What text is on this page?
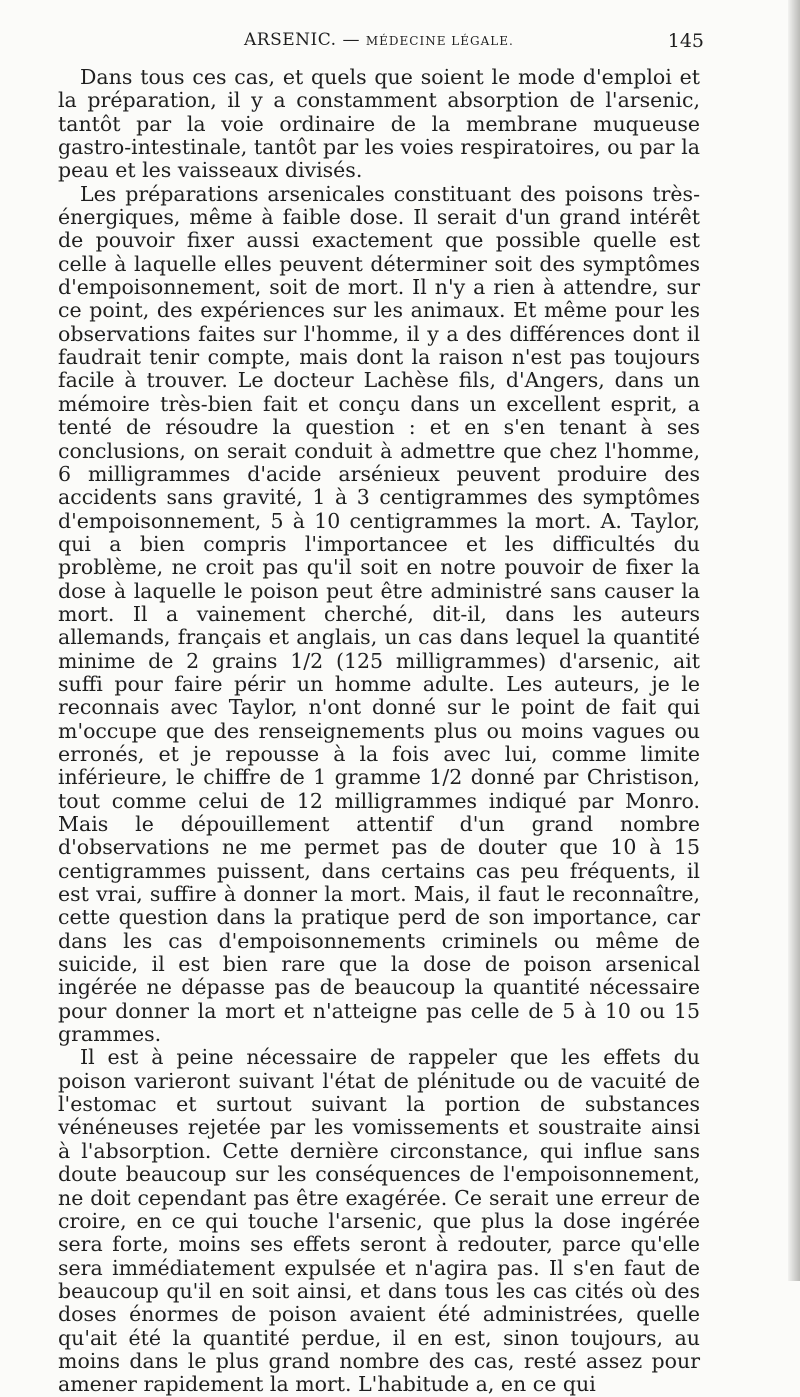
ARSENIC. — MÉDECINE LÉGALE.	145

Dans tous ces cas, et quels que soient le mode d'emploi et la préparation, il y a constamment absorption de l'arsenic, tantôt par la voie ordinaire de la membrane muqueuse gastro-intestinale, tantôt par les voies respiratoires, ou par la peau et les vaisseaux divisés.

Les préparations arsenicales constituant des poisons très-énergiques, même à faible dose. Il serait d'un grand intérêt de pouvoir fixer aussi exactement que possible quelle est celle à laquelle elles peuvent déterminer soit des symptômes d'empoisonnement, soit de mort. Il n'y a rien à attendre, sur ce point, des expériences sur les animaux. Et même pour les observations faites sur l'homme, il y a des différences dont il faudrait tenir compte, mais dont la raison n'est pas toujours facile à trouver. Le docteur Lachèse fils, d'Angers, dans un mémoire très-bien fait et conçu dans un excellent esprit, a tenté de résoudre la question : et en s'en tenant à ses conclusions, on serait conduit à admettre que chez l'homme, 6 milligrammes d'acide arsénieux peuvent produire des accidents sans gravité, 1 à 3 centigrammes des symptômes d'empoisonnement, 5 à 10 centigrammes la mort. A. Taylor, qui a bien compris l'importancee et les difficultés du problème, ne croit pas qu'il soit en notre pouvoir de fixer la dose à laquelle le poison peut être administré sans causer la mort. Il a vainement cherché, dit-il, dans les auteurs allemands, français et anglais, un cas dans lequel la quantité minime de 2 grains 1/2 (125 milligrammes) d'arsenic, ait suffi pour faire périr un homme adulte. Les auteurs, je le reconnais avec Taylor, n'ont donné sur le point de fait qui m'occupe que des renseignements plus ou moins vagues ou erronés, et je repousse à la fois avec lui, comme limite inférieure, le chiffre de 1 gramme 1/2 donné par Christison, tout comme celui de 12 milligrammes indiqué par Monro. Mais le dépouillement attentif d'un grand nombre d'observations ne me permet pas de douter que 10 à 15 centigrammes puissent, dans certains cas peu fréquents, il est vrai, suffire à donner la mort. Mais, il faut le reconnaître, cette question dans la pratique perd de son importance, car dans les cas d'empoisonnements criminels ou même de suicide, il est bien rare que la dose de poison arsenical ingérée ne dépasse pas de beaucoup la quantité nécessaire pour donner la mort et n'atteigne pas celle de 5 à 10 ou 15 grammes.

Il est à peine nécessaire de rappeler que les effets du poison varieront suivant l'état de plénitude ou de vacuité de l'estomac et surtout suivant la portion de substances vénéneuses rejetée par les vomissements et soustraite ainsi à l'absorption. Cette dernière circonstance, qui influe sans doute beaucoup sur les conséquences de l'empoisonnement, ne doit cependant pas être exagérée. Ce serait une erreur de croire, en ce qui touche l'arsenic, que plus la dose ingérée sera forte, moins ses effets seront à redouter, parce qu'elle sera immédiatement expulsée et n'agira pas. Il s'en faut de beaucoup qu'il en soit ainsi, et dans tous les cas cités où des doses énormes de poison avaient été administrées, quelle qu'ait été la quantité perdue, il en est, sinon toujours, au moins dans le plus grand nombre des cas, resté assez pour amener rapidement la mort. L'habitude a, en ce qui
